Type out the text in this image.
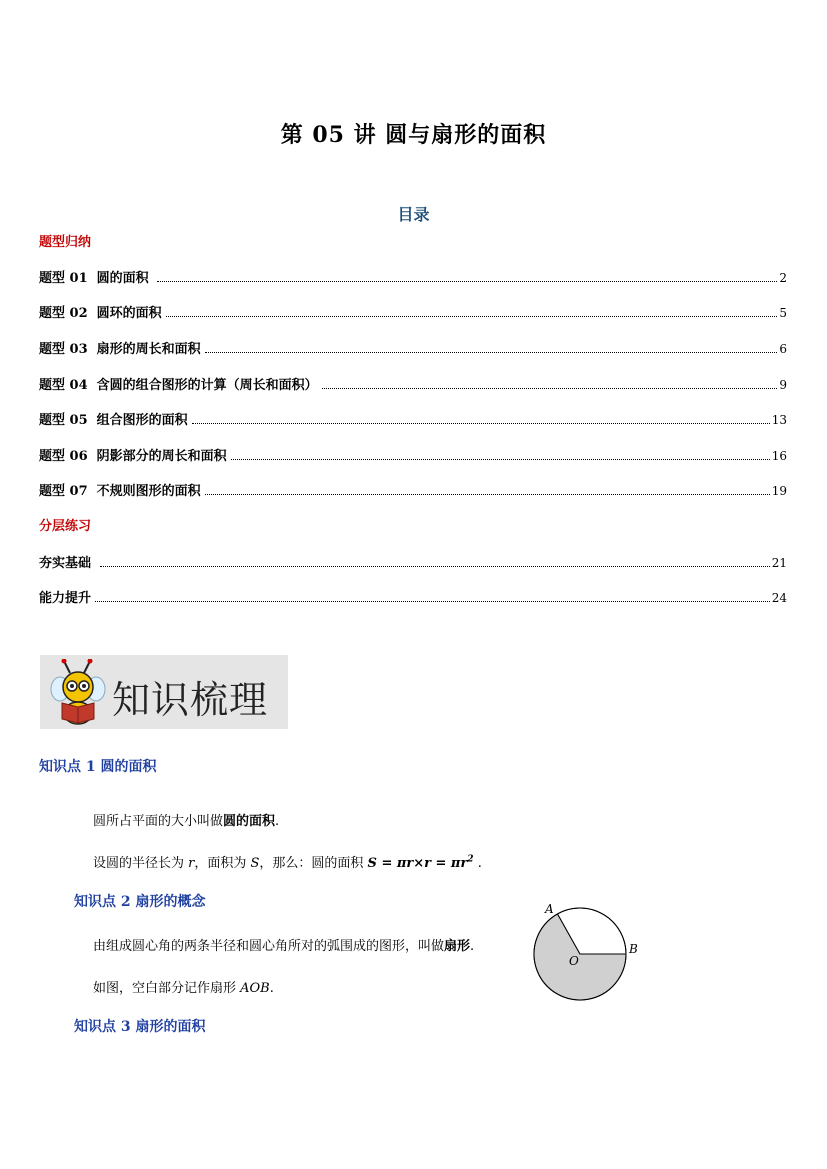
第 05 讲 圆与扇形的面积
目录
题型归纳
题型 01  圆的面积	2
题型 02  圆环的面积	5
题型 03  扇形的周长和面积	6
题型 04  含圆的组合图形的计算（周长和面积）	9
题型 05  组合图形的面积	13
题型 06  阴影部分的周长和面积	16
题型 07  不规则图形的面积	19
分层练习
夯实基础	21
能力提升	24
知识梳理
知识点 1 圆的面积
圆所占平面的大小叫做圆的面积.
设圆的半径长为 r，面积为 S，那么：圆的面积 $S = \pi r\times r = \pi r^2$ .
知识点 2 扇形的概念
由组成圆心角的两条半径和圆心角所对的弧围成的图形，叫做扇形.
如图，空白部分记作扇形 AOB.
A
B
O
知识点 3 扇形的面积
